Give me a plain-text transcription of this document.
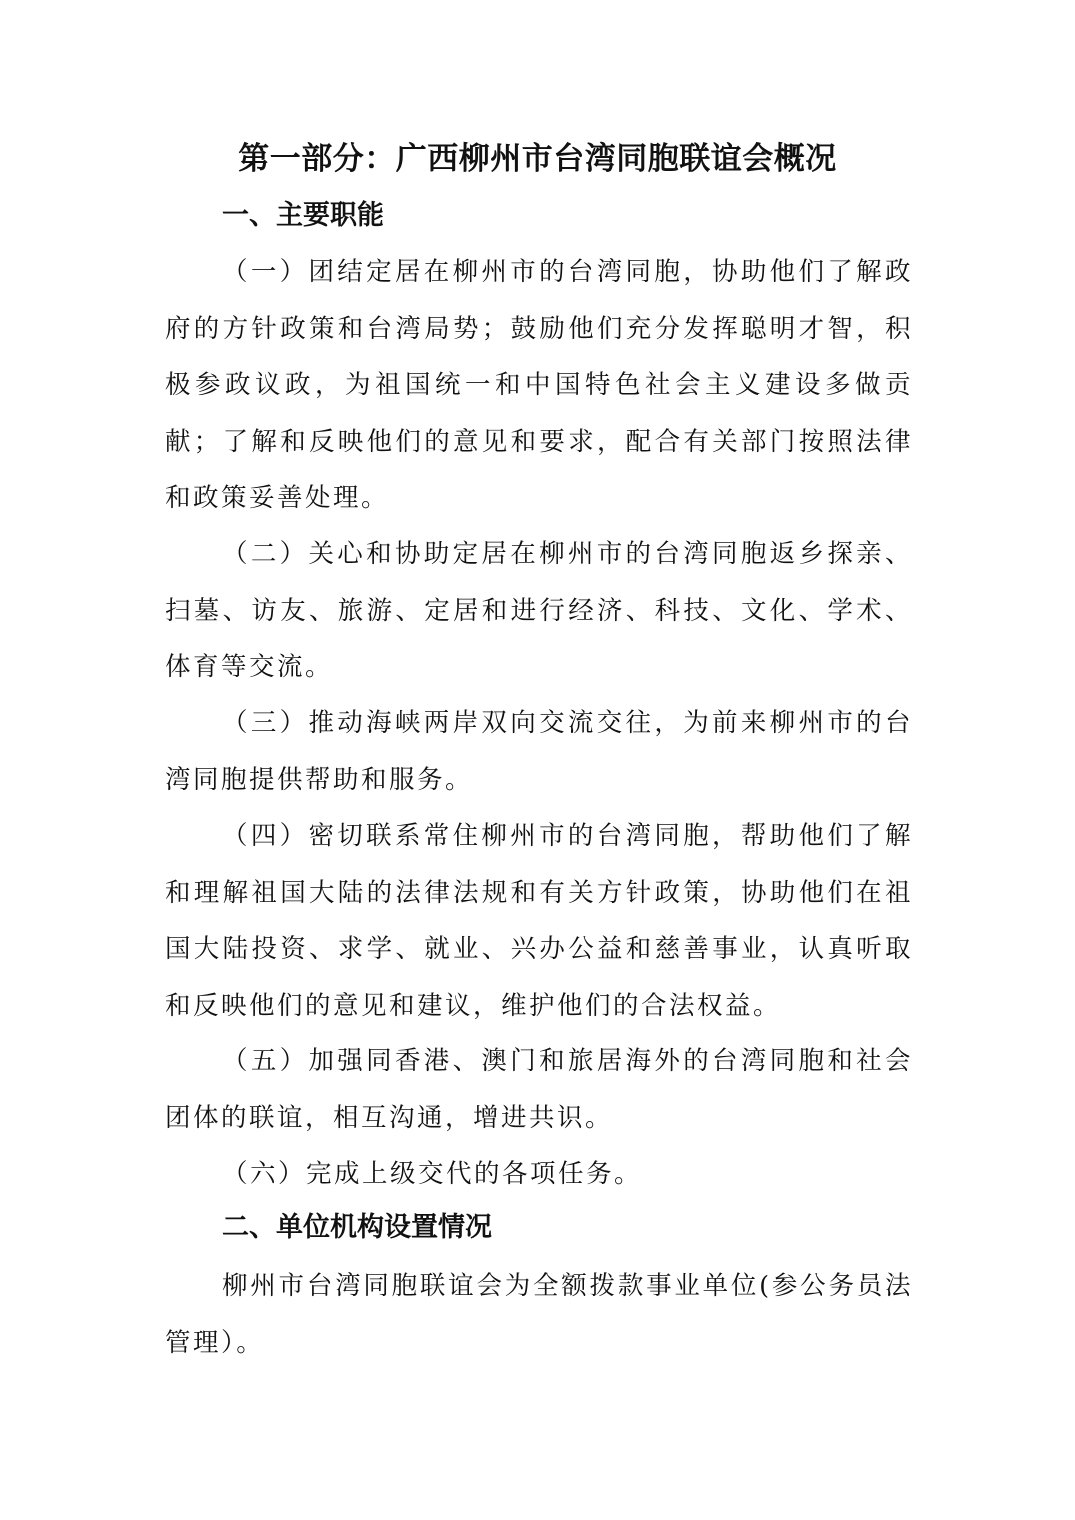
第一部分：广西柳州市台湾同胞联谊会概况
一、主要职能

（一）团结定居在柳州市的台湾同胞，协助他们了解政府的方针政策和台湾局势；鼓励他们充分发挥聪明才智，积极参政议政，为祖国统一和中国特色社会主义建设多做贡献；了解和反映他们的意见和要求，配合有关部门按照法律和政策妥善处理。

（二）关心和协助定居在柳州市的台湾同胞返乡探亲、扫墓、访友、旅游、定居和进行经济、科技、文化、学术、体育等交流。

（三）推动海峡两岸双向交流交往，为前来柳州市的台湾同胞提供帮助和服务。

（四）密切联系常住柳州市的台湾同胞，帮助他们了解和理解祖国大陆的法律法规和有关方针政策，协助他们在祖国大陆投资、求学、就业、兴办公益和慈善事业，认真听取和反映他们的意见和建议，维护他们的合法权益。

（五）加强同香港、澳门和旅居海外的台湾同胞和社会团体的联谊，相互沟通，增进共识。

（六）完成上级交代的各项任务。

二、单位机构设置情况

柳州市台湾同胞联谊会为全额拨款事业单位(参公务员法管理）。
